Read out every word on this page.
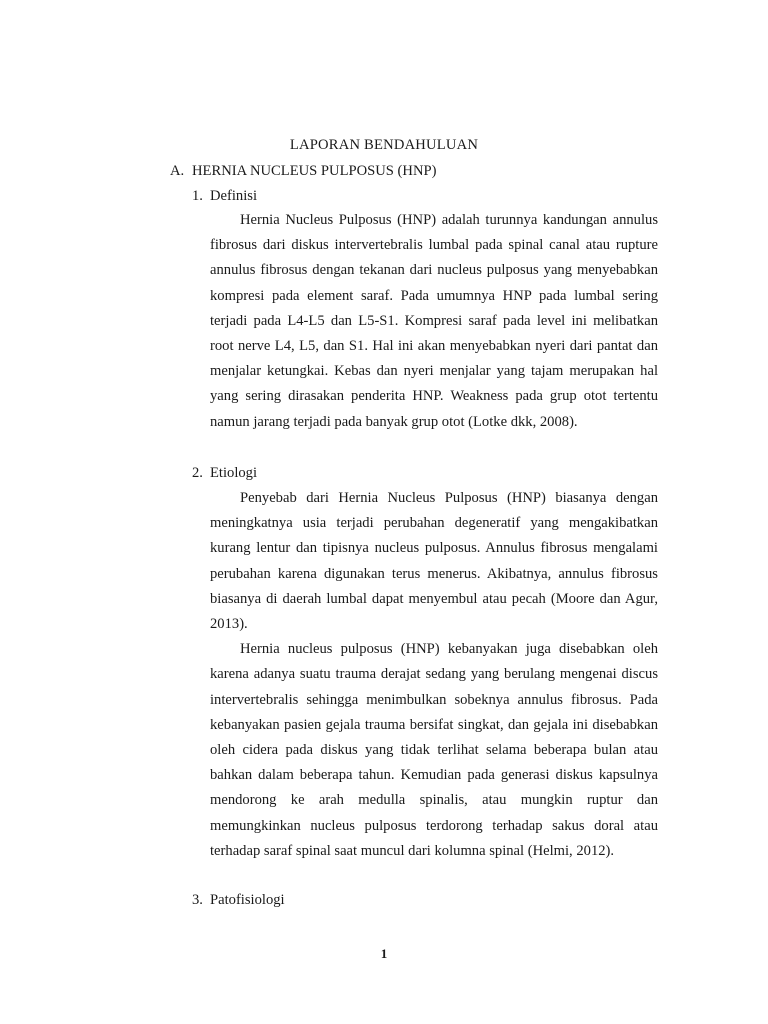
LAPORAN BENDAHULUAN
A. HERNIA NUCLEUS PULPOSUS (HNP)
1. Definisi

Hernia Nucleus Pulposus (HNP) adalah turunnya kandungan annulus fibrosus dari diskus intervertebralis lumbal pada spinal canal atau rupture annulus fibrosus dengan tekanan dari nucleus pulposus yang menyebabkan kompresi pada element saraf. Pada umumnya HNP pada lumbal sering terjadi pada L4-L5 dan L5-S1. Kompresi saraf pada level ini melibatkan root nerve L4, L5, dan S1. Hal ini akan menyebabkan nyeri dari pantat dan menjalar ketungkai. Kebas dan nyeri menjalar yang tajam merupakan hal yang sering dirasakan penderita HNP. Weakness pada grup otot tertentu namun jarang terjadi pada banyak grup otot (Lotke dkk, 2008).

2. Etiologi

Penyebab dari Hernia Nucleus Pulposus (HNP) biasanya dengan meningkatnya usia terjadi perubahan degeneratif yang mengakibatkan kurang lentur dan tipisnya nucleus pulposus. Annulus fibrosus mengalami perubahan karena digunakan terus menerus. Akibatnya, annulus fibrosus biasanya di daerah lumbal dapat menyembul atau pecah (Moore dan Agur, 2013).

Hernia nucleus pulposus (HNP) kebanyakan juga disebabkan oleh karena adanya suatu trauma derajat sedang yang berulang mengenai discus intervertebralis sehingga menimbulkan sobeknya annulus fibrosus. Pada kebanyakan pasien gejala trauma bersifat singkat, dan gejala ini disebabkan oleh cidera pada diskus yang tidak terlihat selama beberapa bulan atau bahkan dalam beberapa tahun. Kemudian pada generasi diskus kapsulnya mendorong ke arah medulla spinalis, atau mungkin ruptur dan memungkinkan nucleus pulposus terdorong terhadap sakus doral atau terhadap saraf spinal saat muncul dari kolumna spinal (Helmi, 2012).

3. Patofisiologi
1
